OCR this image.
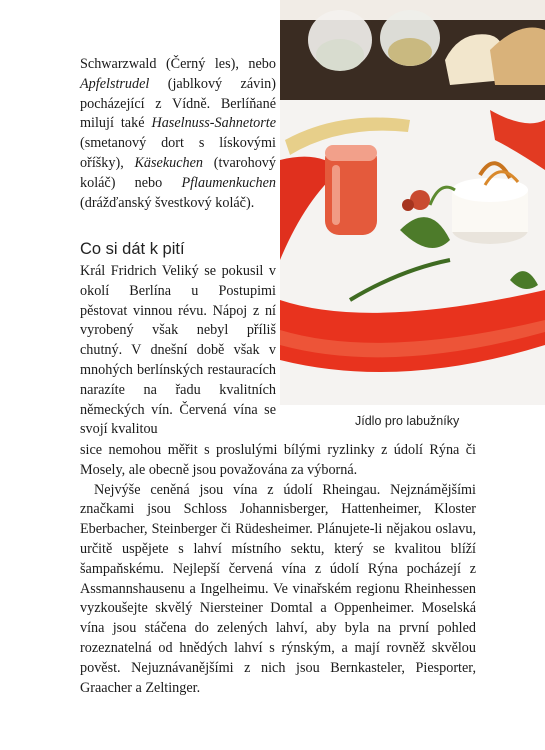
Jídlo pro labužníky

Schwarzwald (Černý les), nebo Apfelstrudel (jablkový závin) pocházející z Vídně. Berlíňané milují také Haselnuss-Sahnetorte (smetanový dort s lískovými oříšky), Käsekuchen (tvarohový koláč) nebo Pflaumenkuchen (drážďanský švestkový koláč).

Co si dát k pití
Král Fridrich Veliký se pokusil v okolí Berlína u Postupimi pěstovat vinnou révu. Nápoj z ní vyrobený však nebyl příliš chutný. V dnešní době však v mnohých berlínských restauracích narazíte na řadu kvalitních německých vín. Červená vína se svojí kvalitou

sice nemohou měřit s proslulými bílými ryzlinky z údolí Rýna či Mosely, ale obecně jsou považována za výborná.

Nejvýše ceněná jsou vína z údolí Rheingau. Nejznámějšími značkami jsou Schloss Johannisberger, Hattenheimer, Kloster Eberbacher, Steinberger či Rüdesheimer. Plánujete-li nějakou oslavu, určitě uspějete s lahví místního sektu, který se kvalitou blíží šampaňskému. Nejlepší červená vína z údolí Rýna pocházejí z Assmannshausenu a Ingelheimu. Ve vinařském regionu Rheinhessen vyzkoušejte skvělý Niersteiner Domtal a Oppenheimer. Moselská vína jsou stáčena do zelených lahví, aby byla na první pohled rozeznatelná od hnědých lahví s rýnským, a mají rovněž skvělou pověst. Nejuznávanějšími z nich jsou Bernkasteler, Piesporter, Graacher a Zeltinger.
